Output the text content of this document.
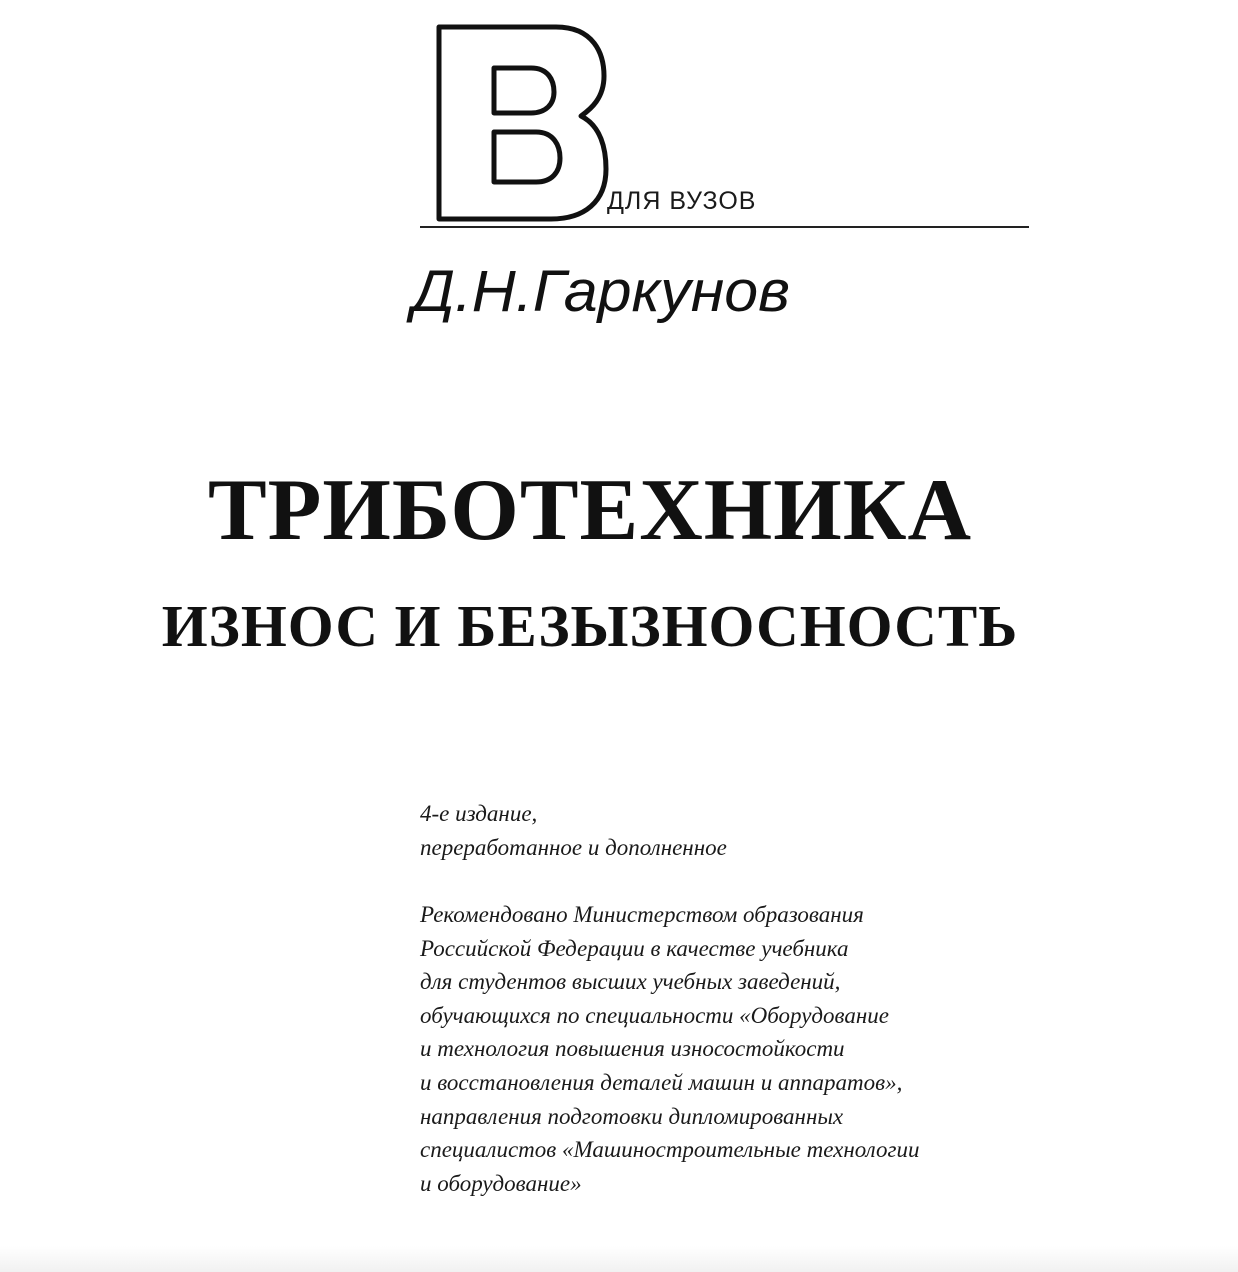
ДЛЯ ВУЗОВ
Д.Н.Гаркунов
ТРИБОТЕХНИКА
ИЗНОС И БЕЗЫЗНОСНОСТЬ
4-е издание,
переработанное и дополненное
Рекомендовано Министерством образования
Российской Федерации в качестве учебника
для студентов высших учебных заведений,
обучающихся по специальности «Оборудование
и технология повышения износостойкости
и восстановления деталей машин и аппаратов»,
направления подготовки дипломированных
специалистов «Машиностроительные технологии
и оборудование»
